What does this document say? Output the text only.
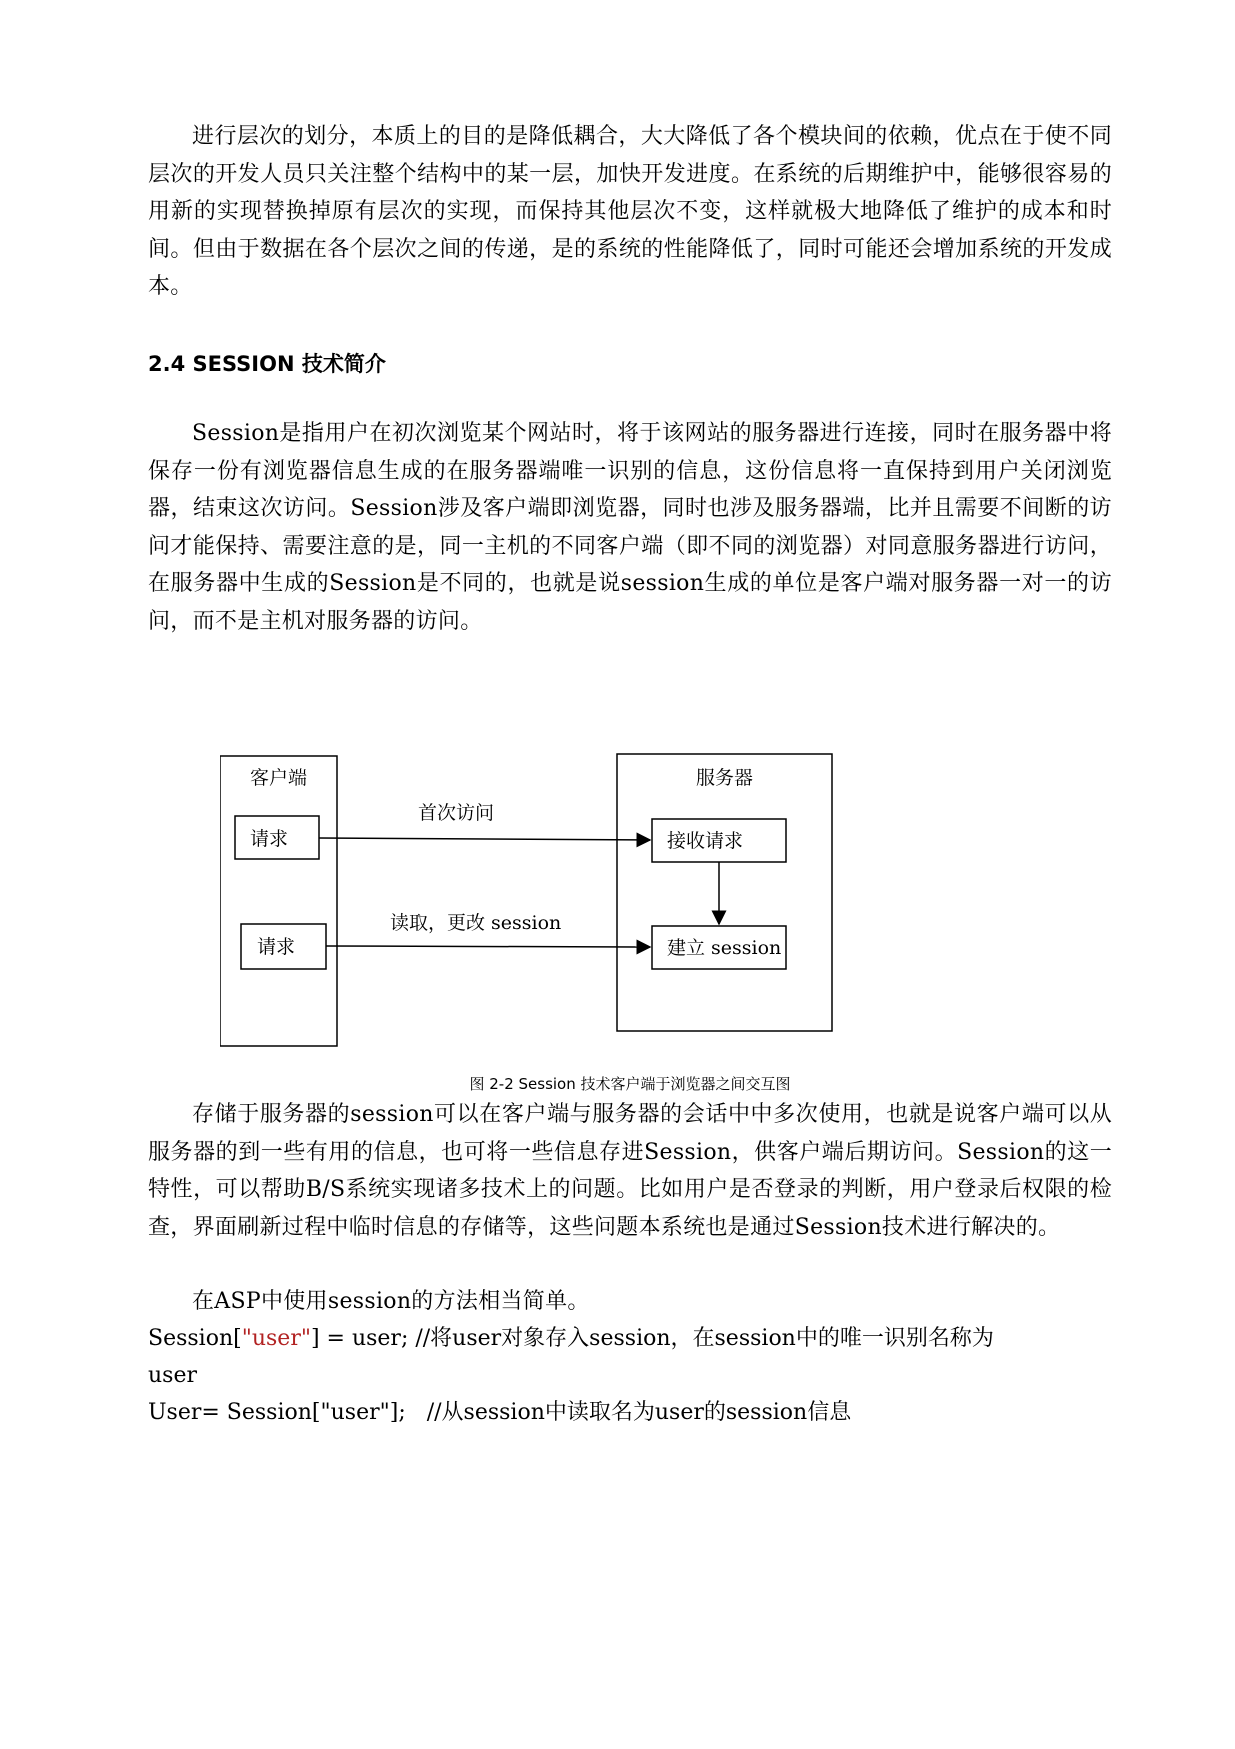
进行层次的划分，本质上的目的是降低耦合，大大降低了各个模块间的依赖，优点在于使不同层次的开发人员只关注整个结构中的某一层，加快开发进度。在系统的后期维护中，能够很容易的用新的实现替换掉原有层次的实现，而保持其他层次不变，这样就极大地降低了维护的成本和时间。但由于数据在各个层次之间的传递，是的系统的性能降低了，同时可能还会增加系统的开发成本。

2.4 SESSION 技术简介

Session是指用户在初次浏览某个网站时，将于该网站的服务器进行连接，同时在服务器中将保存一份有浏览器信息生成的在服务器端唯一识别的信息，这份信息将一直保持到用户关闭浏览器，结束这次访问。Session涉及客户端即浏览器，同时也涉及服务器端，比并且需要不间断的访问才能保持、需要注意的是，同一主机的不同客户端（即不同的浏览器）对同意服务器进行访问，在服务器中生成的Session是不同的，也就是说session生成的单位是客户端对服务器一对一的访问，而不是主机对服务器的访问。

客户端
请求
请求
服务器
接收请求
建立 session
首次访问
读取，更改 session
图 2-2 Session 技术客户端于浏览器之间交互图

存储于服务器的session可以在客户端与服务器的会话中中多次使用，也就是说客户端可以从服务器的到一些有用的信息，也可将一些信息存进Session，供客户端后期访问。Session的这一特性，可以帮助B/S系统实现诸多技术上的问题。比如用户是否登录的判断，用户登录后权限的检查，界面刷新过程中临时信息的存储等，这些问题本系统也是通过Session技术进行解决的。

在ASP中使用session的方法相当简单。

Session["user"] = user; //将user对象存入session，在session中的唯一识别名称为
user
User= Session["user"];   //从session中读取名为user的session信息
